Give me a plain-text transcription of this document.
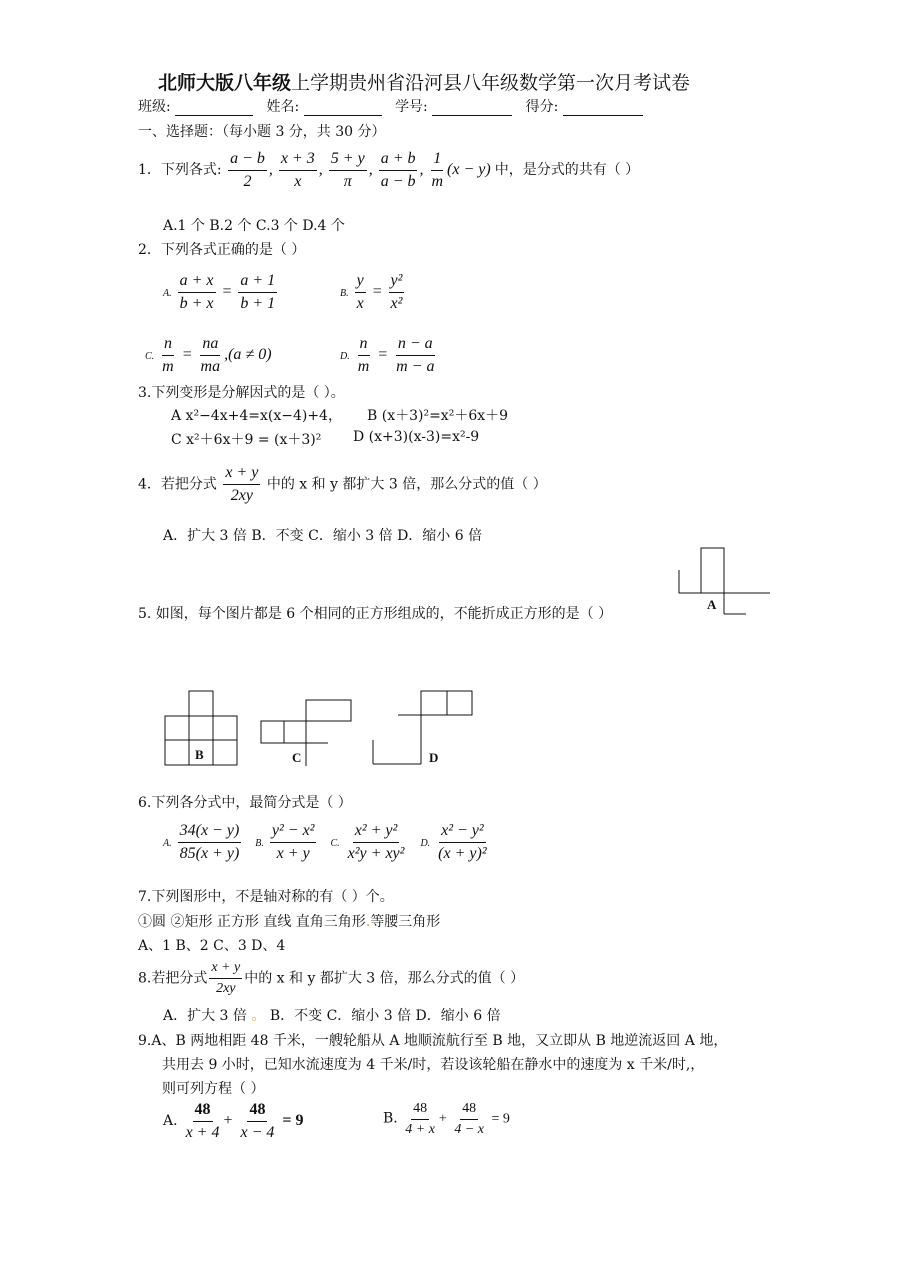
北师大版八年级上学期贵州省沿河县八年级数学第一次月考试卷
班级:	姓名:	学号:	得分:
一、选择题：（每小题 3 分，共 30 分）
1．下列各式: $\frac{a - b}{2}$ , $\frac{x + 3}{x}$ , $\frac{5 + y}{\pi}$ , $\frac{a + b}{a - b}$ , $\frac{1}{m} (x - y)$ 中，是分式的共有（ ）
A.1 个 B.2 个 C.3 个 D.4 个
2．下列各式正确的是（ ）
A. $\frac{a + x}{b + x} = \frac{a + 1}{b + 1}$	B. $\frac{y}{x} = \frac{\text{y²}}{\text{x²}}$
C. $\frac{n}{m} = \frac{na}{ma} ,(a \ne 0)$	D. $\frac{n}{m} = \frac{n - a}{m - a}$
3.下列变形是分解因式的是（ ）。
A x²−4x+4=x(x−4)+4， B (x＋3)²=x²＋6x＋9
C x²＋6x＋9 = (x＋3)² D (x+3)(x-3)=x²-9
4．若把分式 $\frac{x + y}{2xy}$ 中的 x 和 y 都扩大 3 倍，那么分式的值（ ）
A．扩大 3 倍 B．不变 C．缩小 3 倍 D．缩小 6 倍
5. 如图，每个图片都是 6 个相同的正方形组成的，不能折成正方形的是（ ）
A
B	C	D
6.下列各分式中，最简分式是（ ）
A. $\frac{34(x - y)}{85(x + y)} B$. $\frac{\text{y² − x²}}{x + y} C$. $\frac{\text{x² + y²}}{\text{x²y + xy²}} D$. $\frac{\text{x² − y²}}{\text{(x + y)²}}$
7.下列图形中，不是轴对称的有（ ）个。
①圆 ②矩形 正方形 直线 直角三角形.等腰三角形
A、1 B、2 C、3 D、4
8.若把分式 $\frac{x + y}{2xy}$ 中的 x 和 y 都扩大 3 倍，那么分式的值（ ）
A．扩大 3 倍 。 B．不变 C．缩小 3 倍 D．缩小 6 倍
9.A、B 两地相距 48 千米，一艘轮船从 A 地顺流航行至 B 地，又立即从 B 地逆流返回 A 地，
共用去 9 小时，已知水流速度为 4 千米/时，若设该轮船在静水中的速度为 x 千米/时,，
则可列方程（ ）
A. $\frac{48}{x + 4} + \frac{48}{x - 4} = 9$	B. $\frac{48}{4 + x} + \frac{48}{4 - x} = 9$
